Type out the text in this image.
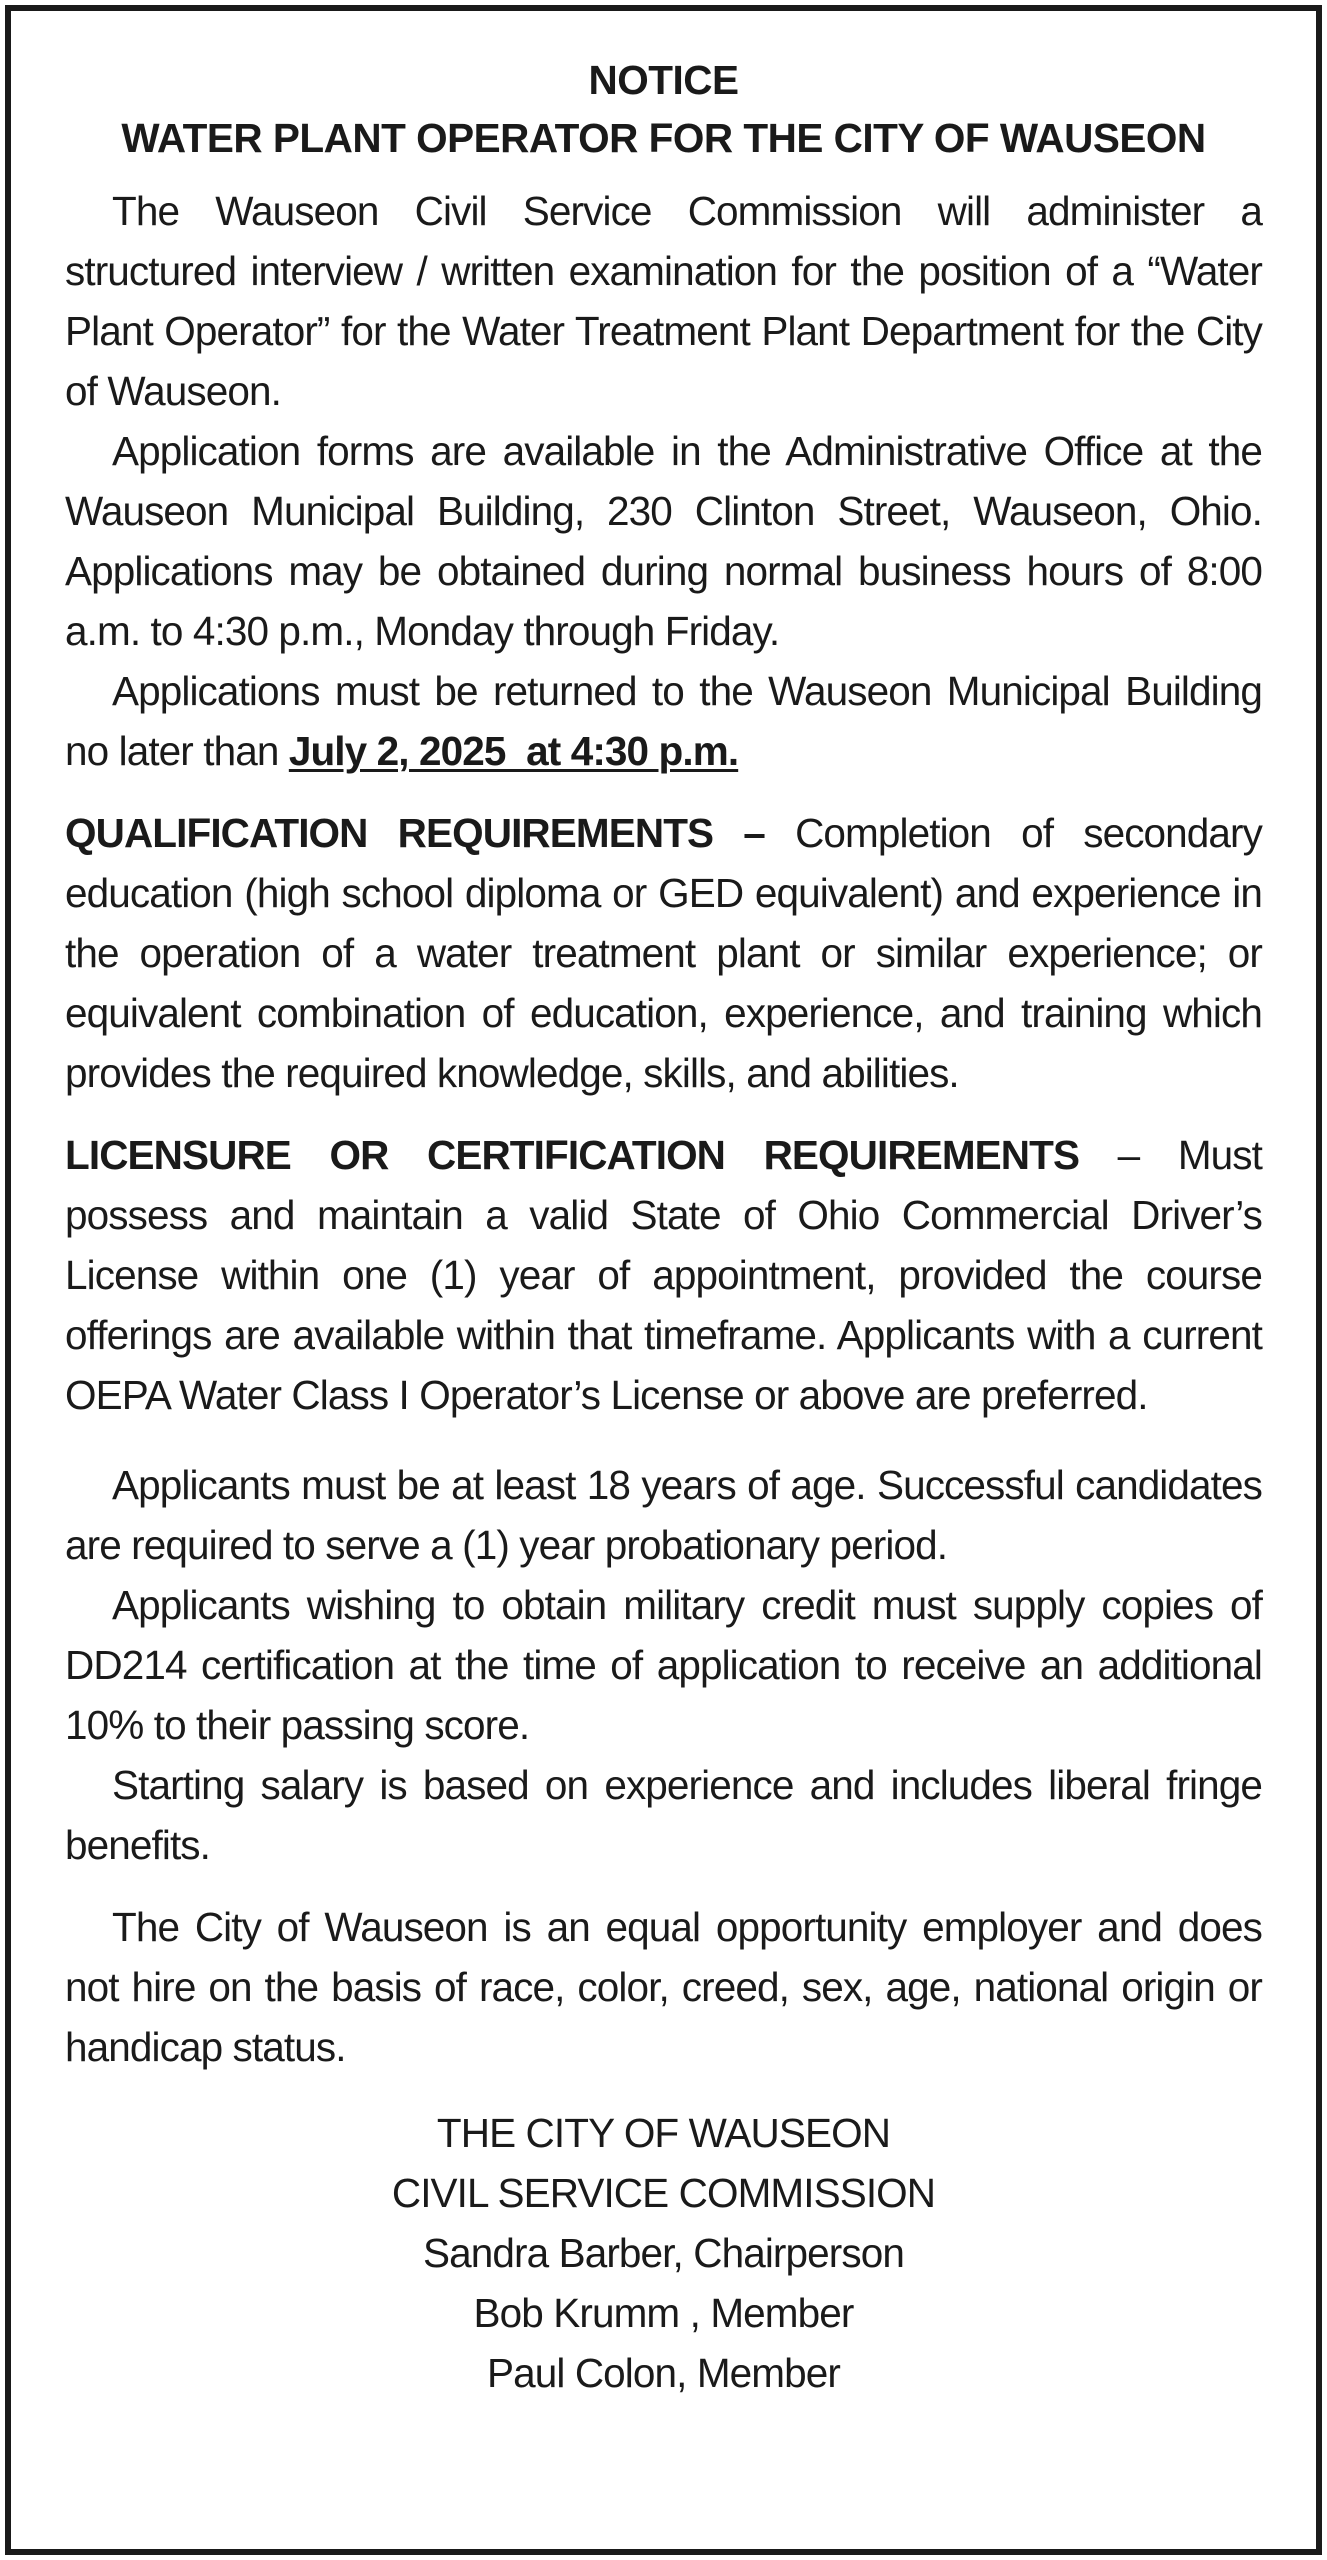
NOTICE
WATER PLANT OPERATOR FOR THE CITY OF WAUSEON

The Wauseon Civil Service Commission will administer a structured interview / written examination for the position of a “Water Plant Operator” for the Water Treatment Plant Department for the City of Wauseon.

Application forms are available in the Administrative Office at the Wauseon Municipal Building, 230 Clinton Street, Wauseon, Ohio. Applications may be obtained during normal business hours of 8:00 a.m. to 4:30 p.m., Monday through Friday.

Applications must be returned to the Wauseon Municipal Building no later than July 2, 2025  at 4:30 p.m.

QUALIFICATION REQUIREMENTS – Completion of secondary education (high school diploma or GED equivalent) and experience in the operation of a water treatment plant or similar experience; or equivalent combination of education, experience, and training which provides the required knowledge, skills, and abilities.

LICENSURE OR CERTIFICATION REQUIREMENTS – Must possess and maintain a valid State of Ohio Commercial Driver’s License within one (1) year of appointment, provided the course offerings are available within that timeframe. Applicants with a current OEPA Water Class I Operator’s License or above are preferred.

Applicants must be at least 18 years of age. Successful candidates are required to serve a (1) year probationary period.

Applicants wishing to obtain military credit must supply copies of DD214 certification at the time of application to receive an additional 10% to their passing score.

Starting salary is based on experience and includes liberal fringe benefits.

The City of Wauseon is an equal opportunity employer and does not hire on the basis of race, color, creed, sex, age, national origin or handicap status.

THE CITY OF WAUSEON
CIVIL SERVICE COMMISSION
Sandra Barber, Chairperson
Bob Krumm , Member
Paul Colon, Member
